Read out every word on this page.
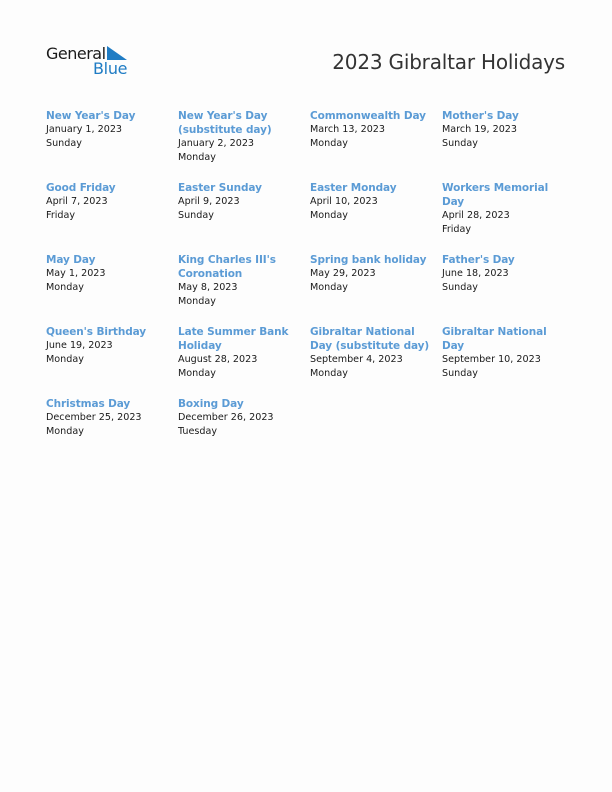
General
Blue	2023 Gibraltar Holidays
New Year's Day
January 1, 2023
Sunday
New Year's Day (substitute day)
January 2, 2023
Monday
Commonwealth Day
March 13, 2023
Monday
Mother's Day
March 19, 2023
Sunday
Good Friday
April 7, 2023
Friday
Easter Sunday
April 9, 2023
Sunday
Easter Monday
April 10, 2023
Monday
Workers Memorial Day
April 28, 2023
Friday
May Day
May 1, 2023
Monday
King Charles III's Coronation
May 8, 2023
Monday
Spring bank holiday
May 29, 2023
Monday
Father's Day
June 18, 2023
Sunday
Queen's Birthday
June 19, 2023
Monday
Late Summer Bank Holiday
August 28, 2023
Monday
Gibraltar National Day (substitute day)
September 4, 2023
Monday
Gibraltar National Day
September 10, 2023
Sunday
Christmas Day
December 25, 2023
Monday
Boxing Day
December 26, 2023
Tuesday
